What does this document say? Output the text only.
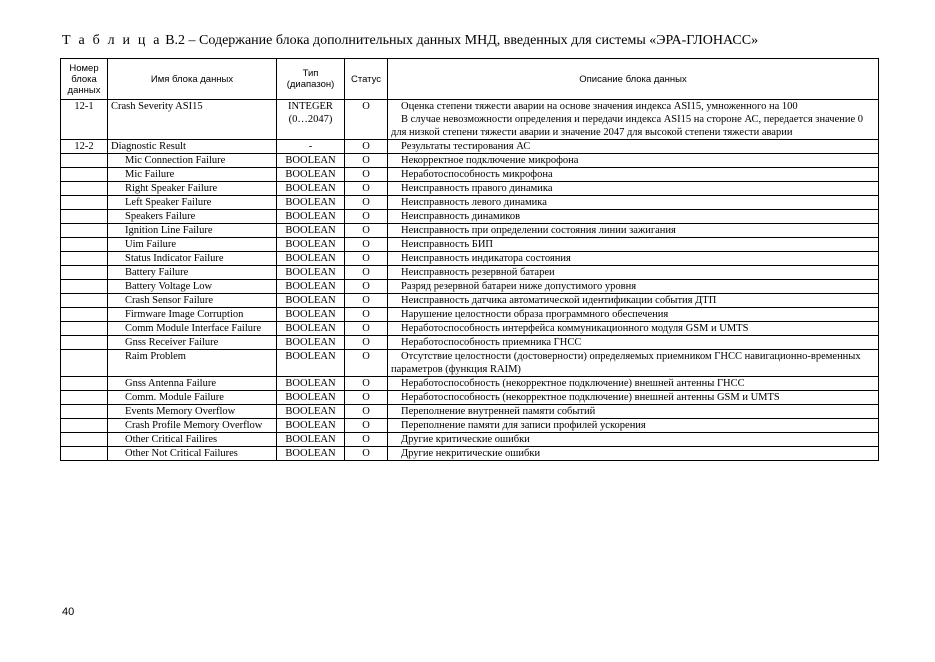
Т а б л и ц а В.2 – Содержание блока дополнительных данных МНД, введенных для системы «ЭРА-ГЛОНАСС»
Номер блока данных	Имя блока данных	Тип (диапазон)	Статус	Описание блока данных
12-1	Crash Severity ASI15	INTEGER (0…2047)	O	Оценка степени тяжести аварии на основе значения индекса ASI15, умноженного на 100
В случае невозможности определения и передачи индекса ASI15 на стороне АС, передается значение 0 для низкой степени тяжести аварии и значение 2047 для высокой степени тяжести аварии

12-2	Diagnostic Result	-	O	Результаты тестирования АС

	Mic Connection Failure	BOOLEAN	O	Некорректное подключение микрофона

	Mic Failure	BOOLEAN	O	Неработоспособность микрофона

	Right Speaker Failure	BOOLEAN	O	Неисправность правого динамика

	Left Speaker Failure	BOOLEAN	O	Неисправность левого динамика

	Speakers Failure	BOOLEAN	O	Неисправность динамиков

	Ignition Line Failure	BOOLEAN	O	Неисправность при определении состояния линии зажигания

	Uim Failure	BOOLEAN	O	Неисправность БИП

	Status Indicator Failure	BOOLEAN	O	Неисправность индикатора состояния

	Battery Failure	BOOLEAN	O	Неисправность резервной батареи

	Battery Voltage Low	BOOLEAN	O	Разряд резервной батареи ниже допустимого уровня

	Crash Sensor Failure	BOOLEAN	O	Неисправность датчика автоматической идентификации события ДТП

	Firmware Image Corruption	BOOLEAN	O	Нарушение целостности образа программного обеспечения

	Comm Module Interface Failure	BOOLEAN	O	Неработоспособность интерфейса коммуникационного модуля GSM и UMTS

	Gnss Receiver Failure	BOOLEAN	O	Неработоспособность приемника ГНСС

	Raim Problem	BOOLEAN	O	Отсутствие целостности (достоверности) определяемых приемником ГНСС навигационно-временных параметров (функция RAIM)

	Gnss Antenna Failure	BOOLEAN	O	Неработоспособность (некорректное подключение) внешней антенны ГНСС

	Comm. Module Failure	BOOLEAN	O	Неработоспособность (некорректное подключение) внешней антенны GSM и UMTS

	Events Memory Overflow	BOOLEAN	O	Переполнение внутренней памяти событий

	Crash Profile Memory Overflow	BOOLEAN	O	Переполнение памяти для записи профилей ускорения

	Other Critical Failires	BOOLEAN	O	Другие критические ошибки

	Other Not Critical Failures	BOOLEAN	O	Другие некритические ошибки
40
